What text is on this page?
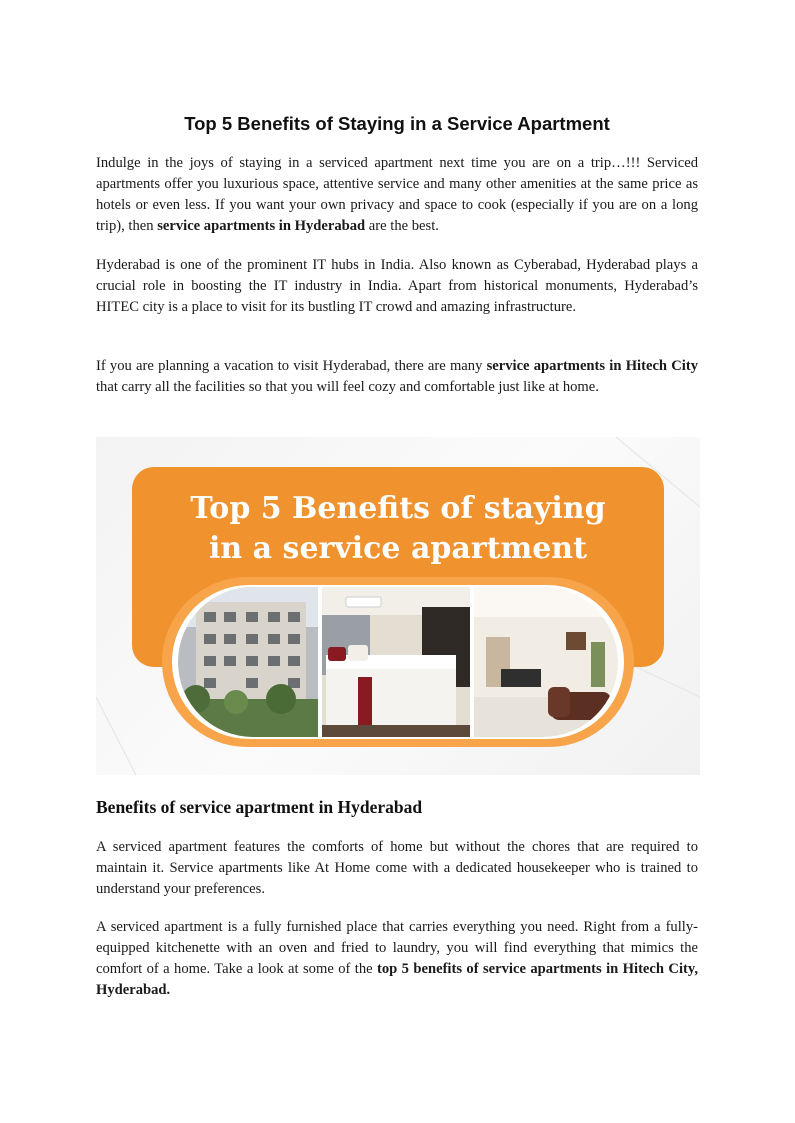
Top 5 Benefits of Staying in a Service Apartment

Indulge in the joys of staying in a serviced apartment next time you are on a trip…!!! Serviced apartments offer you luxurious space, attentive service and many other amenities at the same price as hotels or even less. If you want your own privacy and space to cook (especially if you are on a long trip), then service apartments in Hyderabad are the best.

Hyderabad is one of the prominent IT hubs in India. Also known as Cyberabad, Hyderabad plays a crucial role in boosting the IT industry in India. Apart from historical monuments, Hyderabad’s HITEC city is a place to visit for its bustling IT crowd and amazing infrastructure.

If you are planning a vacation to visit Hyderabad, there are many service apartments in Hitech City that carry all the facilities so that you will feel cozy and comfortable just like at home.

Top 5 Benefits of staying
in a service apartment
Benefits of service apartment in Hyderabad

A serviced apartment features the comforts of home but without the chores that are required to maintain it. Service apartments like At Home come with a dedicated housekeeper who is trained to understand your preferences.

A serviced apartment is a fully furnished place that carries everything you need. Right from a fully-equipped kitchenette with an oven and fried to laundry, you will find everything that mimics the comfort of a home. Take a look at some of the top 5 benefits of service apartments in Hitech City, Hyderabad.
